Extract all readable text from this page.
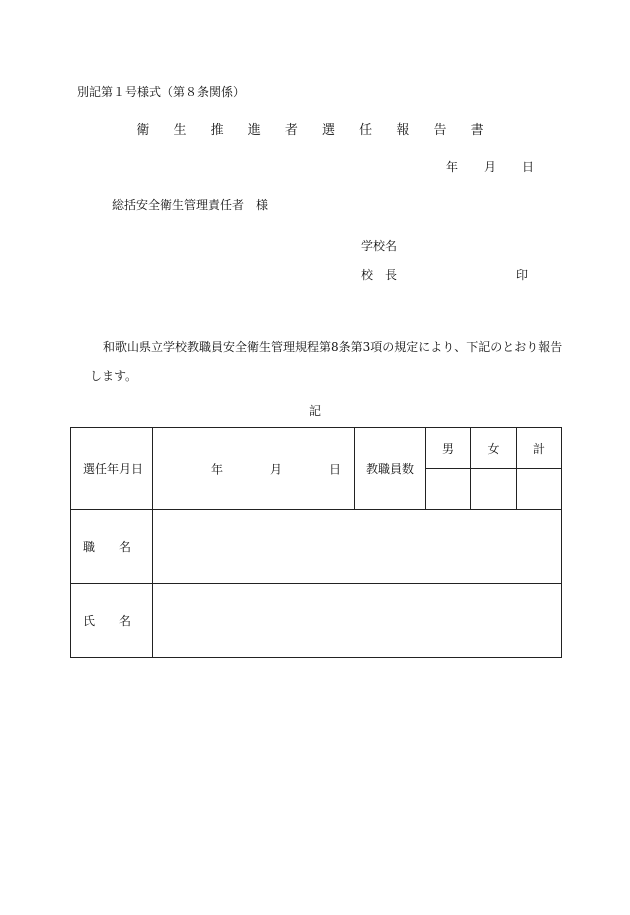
別記第１号様式（第８条関係）
衛 生 推 進 者 選 任 報 告 書
年 月 日
総括安全衛生管理責任者　様
学校名
校　長	印
和歌山県立学校教職員安全衛生管理規程第8条第3項の規定により、下記のとおり報告
します。
記
選任年月日	年 月 日	教職員数	男	女	計

職　　名					
氏　　名					
